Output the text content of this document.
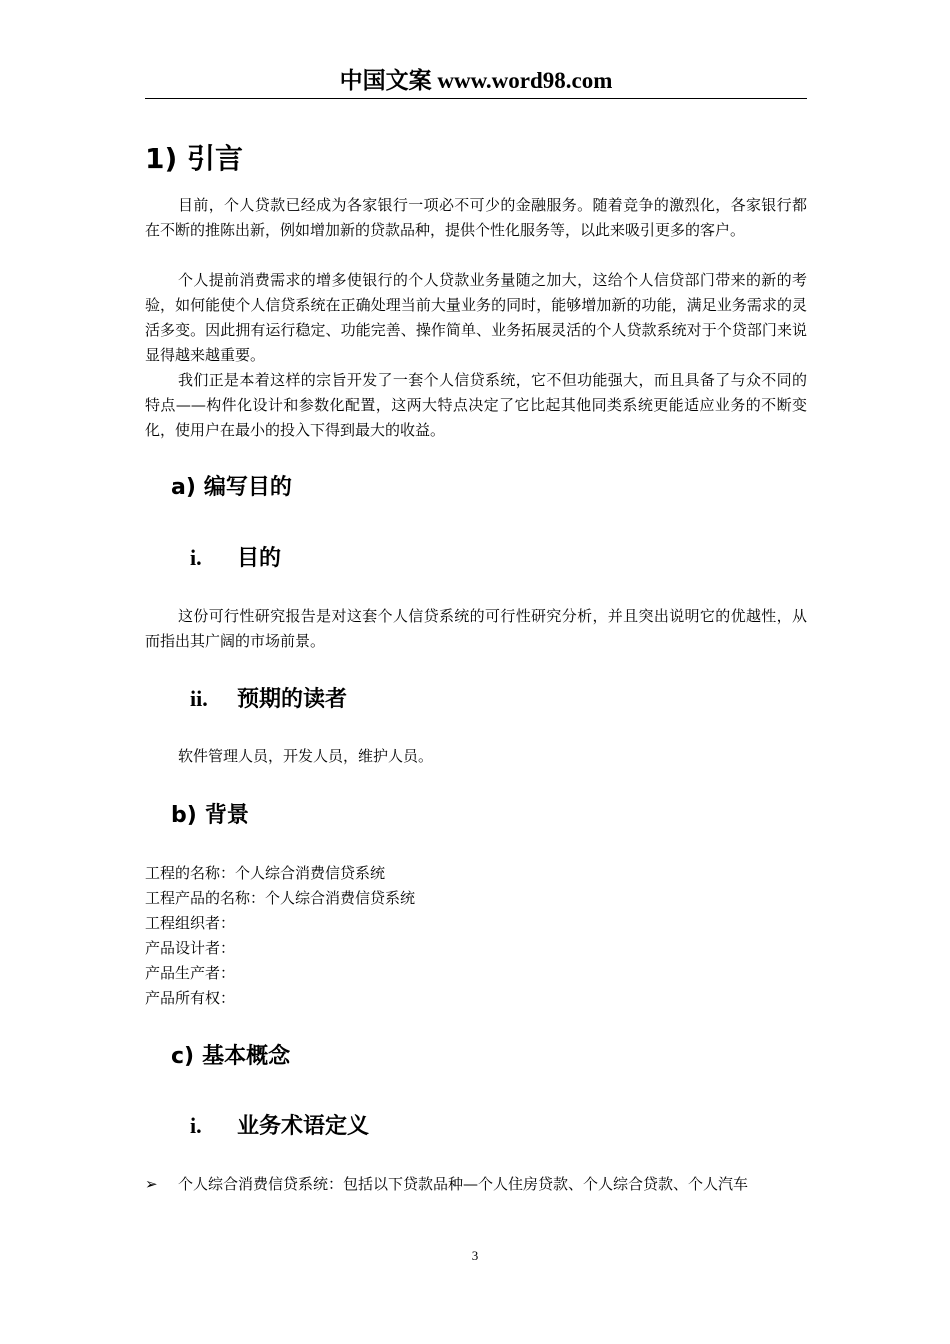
中国文案 www.word98.com
1) 引言

目前，个人贷款已经成为各家银行一项必不可少的金融服务。随着竞争的激烈化，各家银行都在不断的推陈出新，例如增加新的贷款品种，提供个性化服务等，以此来吸引更多的客户。

个人提前消费需求的增多使银行的个人贷款业务量随之加大，这给个人信贷部门带来的新的考验，如何能使个人信贷系统在正确处理当前大量业务的同时，能够增加新的功能，满足业务需求的灵活多变。因此拥有运行稳定、功能完善、操作简单、业务拓展灵活的个人贷款系统对于个贷部门来说显得越来越重要。

我们正是本着这样的宗旨开发了一套个人信贷系统，它不但功能强大，而且具备了与众不同的特点——构件化设计和参数化配置，这两大特点决定了它比起其他同类系统更能适应业务的不断变化，使用户在最小的投入下得到最大的收益。

a) 编写目的
i. 目的

这份可行性研究报告是对这套个人信贷系统的可行性研究分析，并且突出说明它的优越性，从而指出其广阔的市场前景。

ii. 预期的读者

软件管理人员，开发人员，维护人员。

b) 背景
工程的名称：个人综合消费信贷系统
工程产品的名称：个人综合消费信贷系统
工程组织者：
产品设计者：
产品生产者：
产品所有权：
c) 基本概念
i. 业务术语定义
➢ 个人综合消费信贷系统：包括以下贷款品种—个人住房贷款、个人综合贷款、个人汽车
3
